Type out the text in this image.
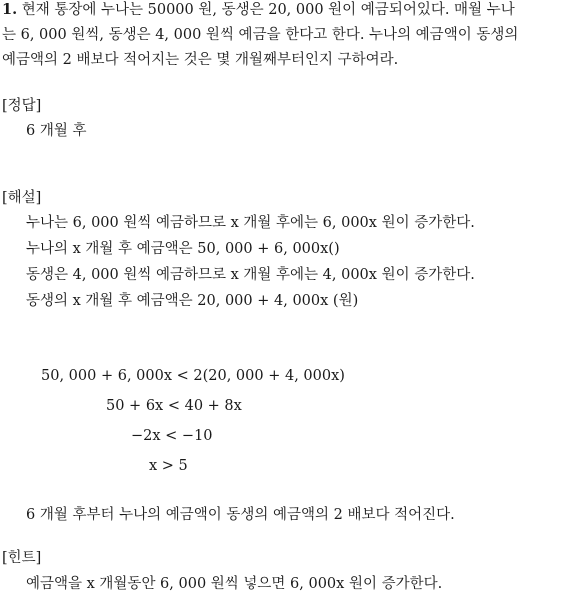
1. 현재 통장에 누나는 50000 원, 동생은 20, 000 원이 예금되어있다. 매월 누나
는 6, 000 원씩, 동생은 4, 000 원씩 예금을 한다고 한다. 누나의 예금액이 동생의
예금액의 2 배보다 적어지는 것은 몇 개월째부터인지 구하여라.
[정답]
6 개월 후
[해설]
누나는 6, 000 원씩 예금하므로 x 개월 후에는 6, 000x 원이 증가한다.
누나의 x 개월 후 예금액은 50, 000 + 6, 000x()
동생은 4, 000 원씩 예금하므로 x 개월 후에는 4, 000x 원이 증가한다.
동생의 x 개월 후 예금액은 20, 000 + 4, 000x (원)
50, 000 + 6, 000x < 2(20, 000 + 4, 000x)
50 + 6x < 40 + 8x
−2x < −10
x > 5
6 개월 후부터 누나의 예금액이 동생의 예금액의 2 배보다 적어진다.
[힌트]
예금액을 x 개월동안 6, 000 원씩 넣으면 6, 000x 원이 증가한다.
